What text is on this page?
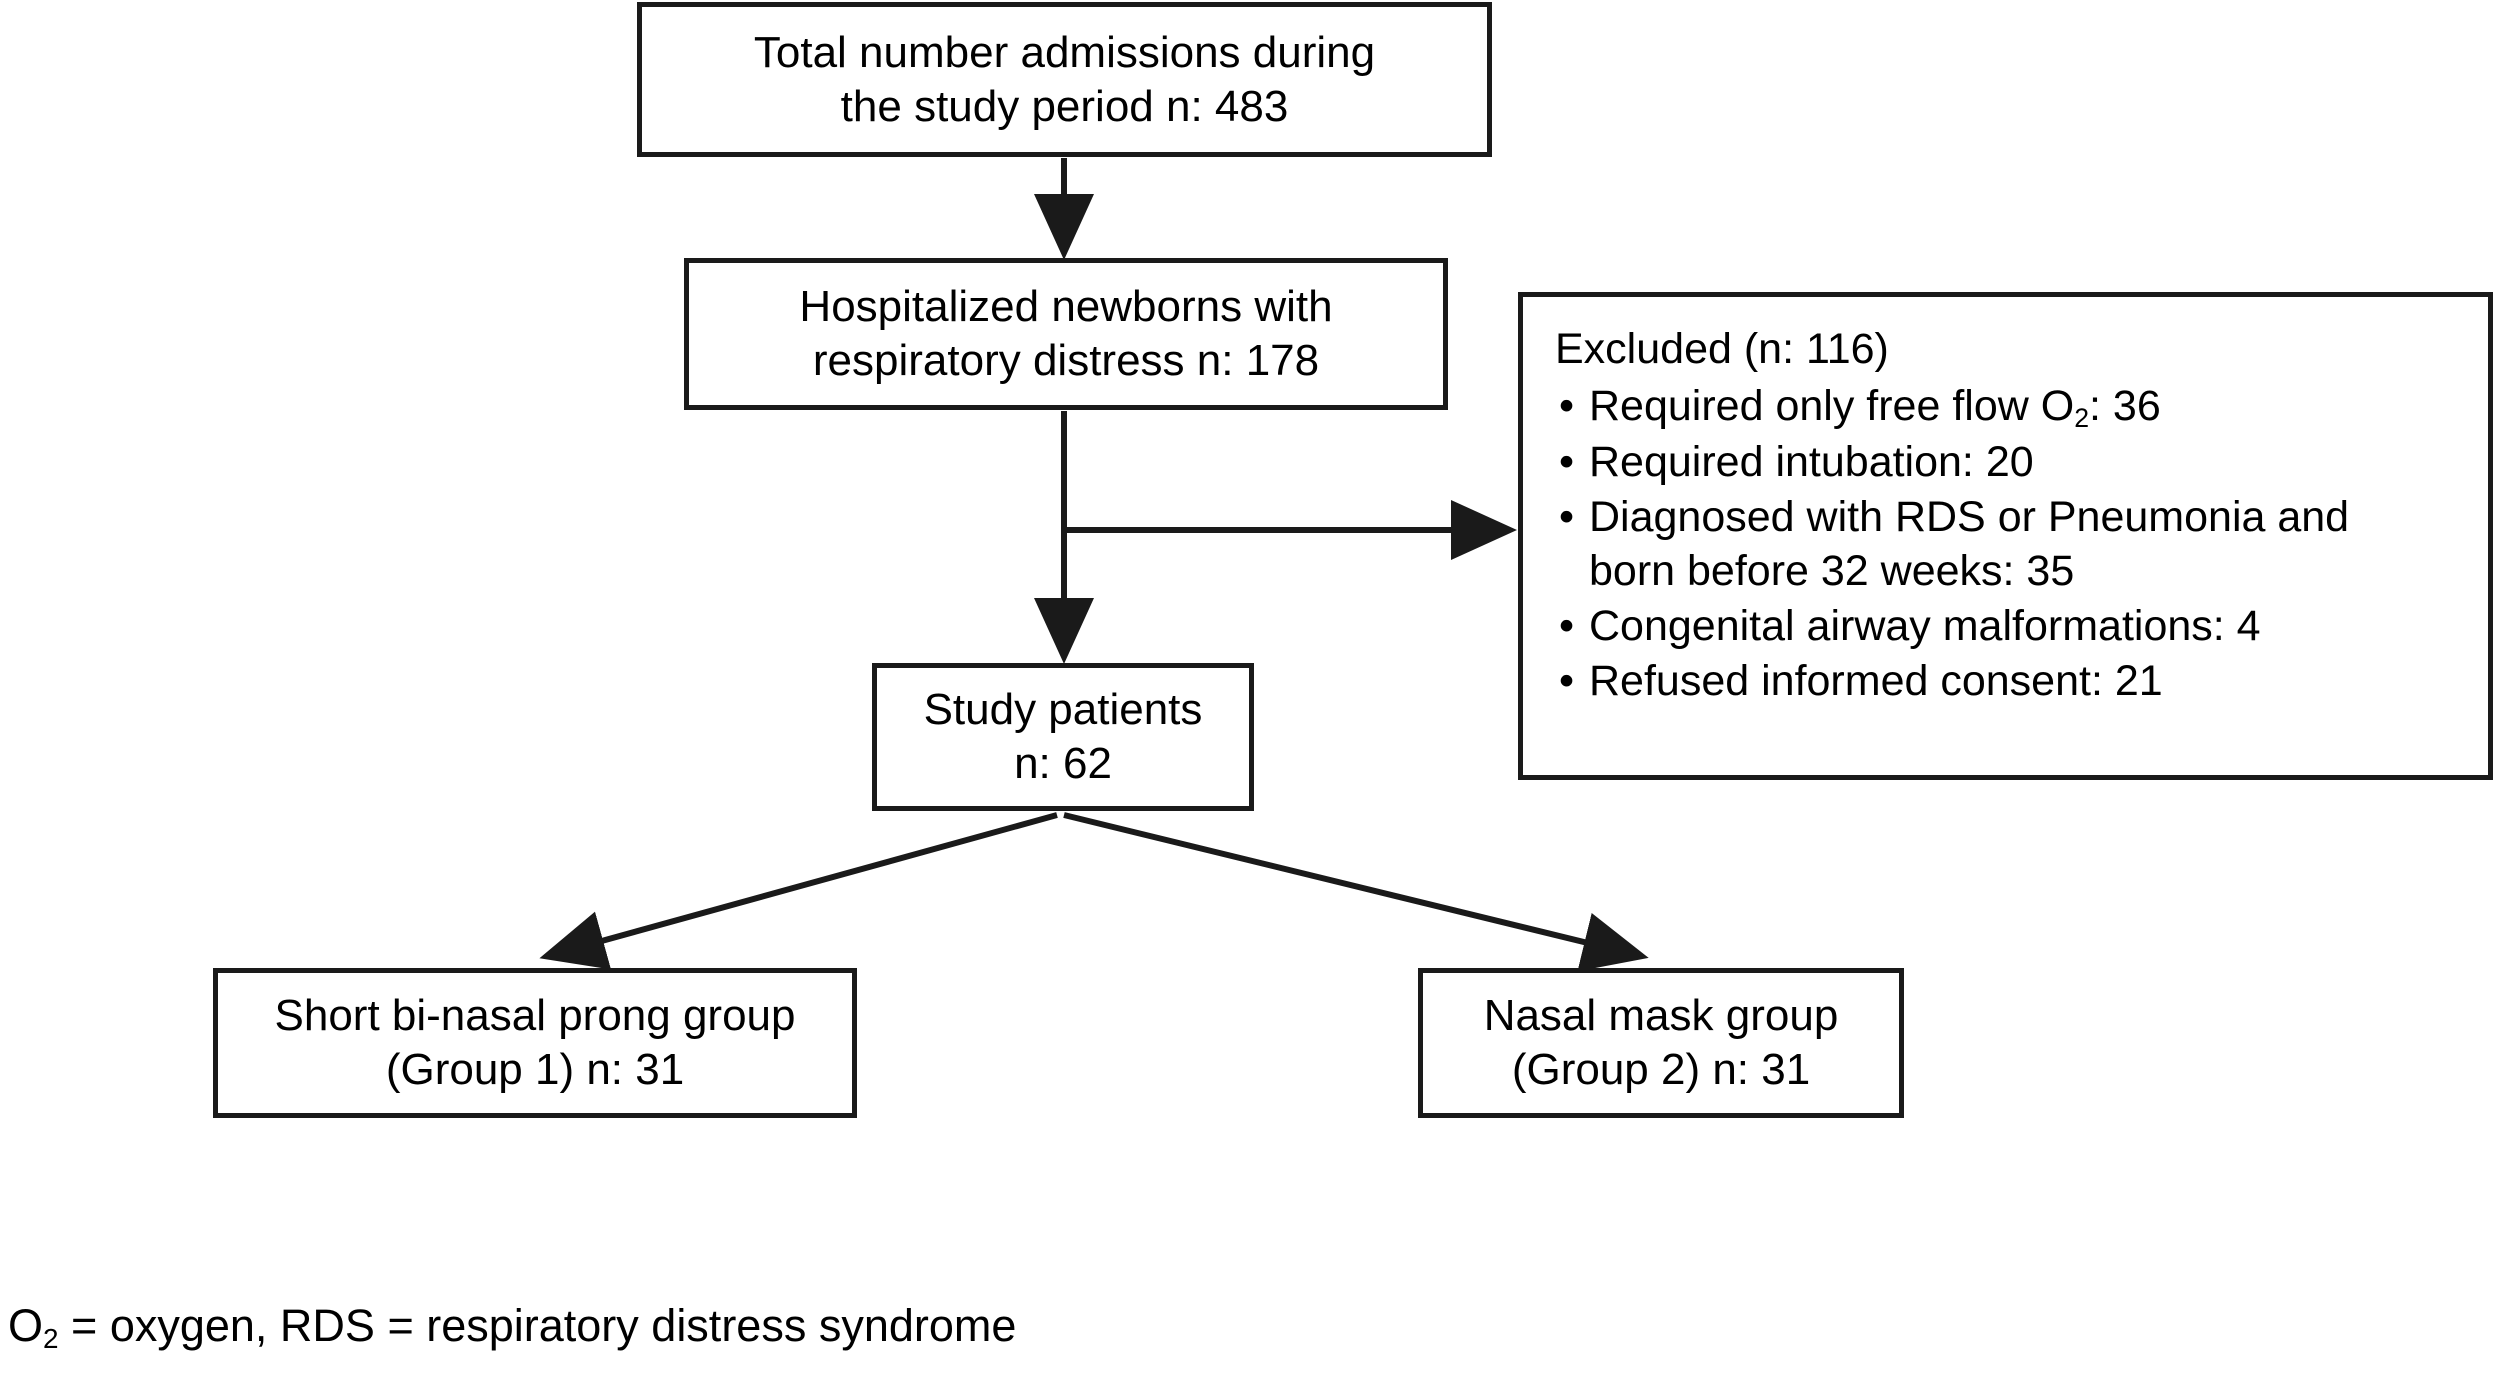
Total number admissions during
the study period n: 483
Hospitalized newborns with
respiratory distress n: 178
Study patients
n: 62
Short bi-nasal prong group
(Group 1) n: 31
Nasal mask group
(Group 2) n: 31
Excluded (n: 116)
• Required only free flow $O_2$: 36
• Required intubation: 20
• Diagnosed with RDS or Pneumonia and
born before 32 weeks: 35
• Congenital airway malformations: 4
• Refused informed consent: 21
$O_2$ = oxygen, RDS = respiratory distress syndrome
